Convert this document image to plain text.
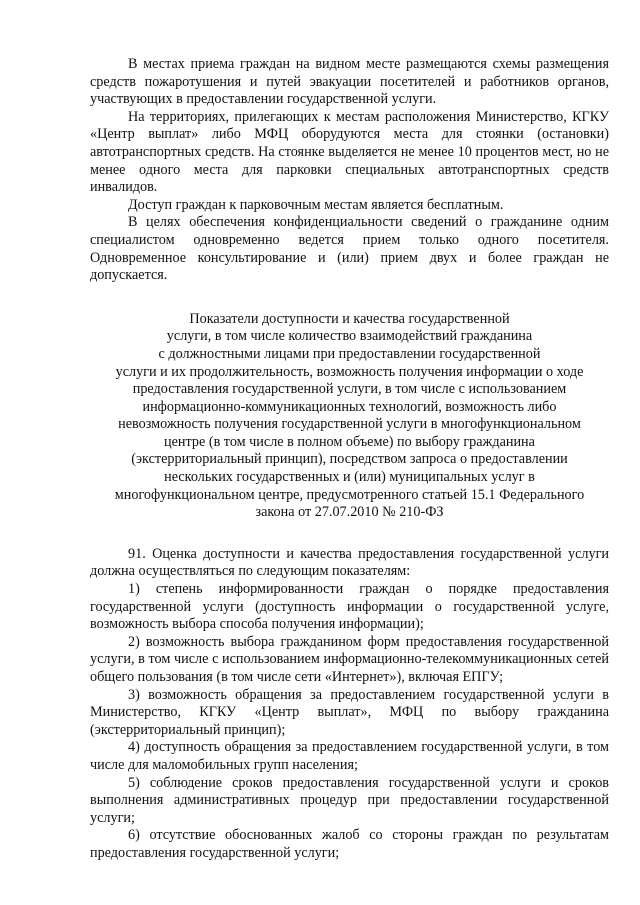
В местах приема граждан на видном месте размещаются схемы размещения средств пожаротушения и путей эвакуации посетителей и работников органов, участвующих в предоставлении государственной услуги.

На территориях, прилегающих к местам расположения Министерство, КГКУ «Центр выплат» либо МФЦ оборудуются места для стоянки (остановки) автотранспортных средств. На стоянке выделяется не менее 10 процентов мест, но не менее одного места для парковки специальных автотранспортных средств инвалидов.

Доступ граждан к парковочным местам является бесплатным.

В целях обеспечения конфиденциальности сведений о гражданине одним специалистом одновременно ведется прием только одного посетителя. Одновременное консультирование и (или) прием двух и более граждан не допускается.

Показатели доступности и качества государственной
услуги, в том числе количество взаимодействий гражданина
с должностными лицами при предоставлении государственной
услуги и их продолжительность, возможность получения информации о ходе
предоставления государственной услуги, в том числе с использованием
информационно-коммуникационных технологий, возможность либо
невозможность получения государственной услуги в многофункциональном
центре (в том числе в полном объеме) по выбору гражданина
(экстерриториальный принцип), посредством запроса о предоставлении
нескольких государственных и (или) муниципальных услуг в
многофункциональном центре, предусмотренного статьей 15.1 Федерального
закона от 27.07.2010 № 210-ФЗ

91. Оценка доступности и качества предоставления государственной услуги должна осуществляться по следующим показателям:

1) степень информированности граждан о порядке предоставления государственной услуги (доступность информации о государственной услуге, возможность выбора способа получения информации);

2) возможность выбора гражданином форм предоставления государственной услуги, в том числе с использованием информационно-телекоммуникационных сетей общего пользования (в том числе сети «Интернет»), включая ЕПГУ;

3) возможность обращения за предоставлением государственной услуги в Министерство, КГКУ «Центр выплат», МФЦ по выбору гражданина (экстерриториальный принцип);

4) доступность обращения за предоставлением государственной услуги, в том числе для маломобильных групп населения;

5) соблюдение сроков предоставления государственной услуги и сроков выполнения административных процедур при предоставлении государственной услуги;

6) отсутствие обоснованных жалоб со стороны граждан по результатам предоставления государственной услуги;
